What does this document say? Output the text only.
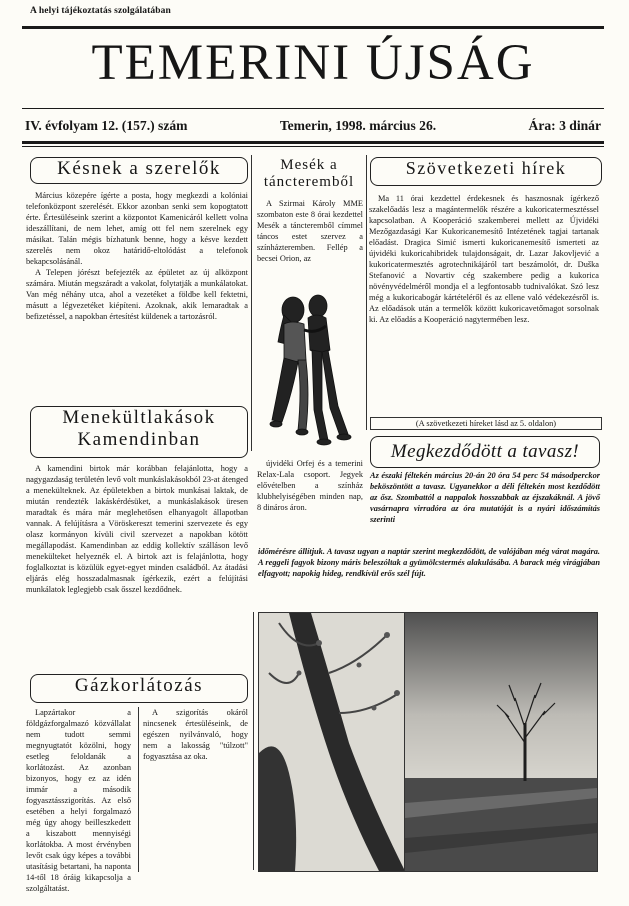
A helyi tájékoztatás szolgálatában
TEMERINI ÚJSÁG
IV. évfolyam 12. (157.) szám	Temerin, 1998. március 26.	Ára: 3 dinár
Késnek a szerelők

Március közepére ígérte a posta, hogy megkezdi a kolóniai telefonközpont szerelését. Ekkor azonban senki sem kopogtatott érte. Értesüléseink szerint a központot Kamenicáról kellett volna ideszállítani, de nem lehet, amíg ott fel nem szerelnek egy másikat. Talán mégis bízhatunk benne, hogy a késve kezdett szerelés nem okoz határidő-eltolódást a telefonok bekapcsolásánál.

A Telepen jórészt befejezték az épületet az új alközpont számára. Miután megszáradt a vakolat, folytatják a munkálatokat. Van még néhány utca, ahol a vezetéket a földbe kell fektetni, másutt a légvezetéket kiépíteni. Azoknak, akik lemaradtak a befizetéssel, a napokban értesítést küldenek a tartozásról.

Menekültlakások
Kamendinban

A kamendini birtok már korábban felajánlotta, hogy a nagygazdaság területén levő volt munkáslakásokból 23-at átenged a menekülteknek. Az épületekben a birtok munkásai laktak, de miután rendezték lakáskérdésüket, a munkáslakások üresen maradtak és mára már meglehetősen elhanyagolt állapotban vannak. A felújításra a Vöröskereszt temerini szervezete és egy olasz kormányon kívüli civil szervezet a napokban kötött megállapodást. Kamendinban az eddig kollektív szálláson levő menekülteket helyeznék el. A birtok azt is felajánlotta, hogy foglalkoztat is közülük egyet-egyet minden családból. Az átadási eljárás elég hosszadalmasnak ígérkezik, ezért a felújítási munkálatok leglegjebb csak ősszel kezdődnek.

Gázkorlátozás

Lapzártakor a földgázforgalmazó közvállalat nem tudott semmi megnyugtatót közölni, hogy esetleg feloldanák a korlátozást. Az azonban bizonyos, hogy ez az idén immár a második fogyasztásszigorítás. Az első esetében a helyi forgalmazó még úgy ahogy beilleszkedett a kiszabott mennyiségi korlátokba. A most érvényben levőt csak úgy képes a további utasításig betartani, ha naponta 14-től 18 óráig kikapcsolja a szolgáltatást.

A szigorítás okáról nincsenek értesüléseink, de egészen nyilvánvaló, hogy nem a lakosság "túlzott" fogyasztása az oka.

Mesék a
táncteremből

A Szirmai Károly MME szombaton este 8 órai kezdettel Mesék a táncteremből címmel táncos estet szervez a színházteremben. Fellép a becsei Orion, az

újvidéki Orfej és a temerini Relax-Lala csoport. Jegyek elővételben a színház klubhelyiségében minden nap, 8 dináros áron.

Szövetkezeti hírek

Ma 11 órai kezdettel érdekesnek és hasznosnak ígérkező szakelőadás lesz a magántermelők részére a kukoricatermesztéssel kapcsolatban. A Kooperáció szakemberei mellett az Újvidéki Mezőgazdasági Kar Kukoricanemesítő Intézetének tagjai tartanak előadást. Dragica Simić ismerti kukoricanemesítő ismerteti az újvidéki kukoricahibridek tulajdonságait, dr. Lazar Jakovljević a kukoricatermesztés agrotechnikájáról tart beszámolót, dr. Duška Stefanović a Novartiv cég szakembere pedig a kukorica növényvédelméről mondja el a legfontosabb tudnivalókat. Szó lesz még a kukoricabogár kártételéről és az ellene való védekezésről is. Az előadások után a termelők között kukoricavetőmagot sorsolnak ki. Az előadás a Kooperáció nagytermében lesz.

(A szövetkezeti híreket lásd az 5. oldalon)
Megkezdődött a tavasz!
Az északi féltekén március 20-án 20 óra 54 perc 54 másodperckor beköszöntött a tavasz. Ugyanekkor a déli féltekén most kezdődött az ősz. Szombattól a nappalok hosszabbak az éjszakáknál. A jövő vasárnapra virradóra az óra mutatóját is a nyári időszámítás szerinti
időmérésre állítjuk. A tavasz ugyan a naptár szerint megkezdődött, de valójában még várat magára. A reggeli fagyok bizony máris beleszóltak a gyümölcstermés alakulásába. A barack még virágjában elfagyott; napokig hideg, rendkívül erős szél fújt.
